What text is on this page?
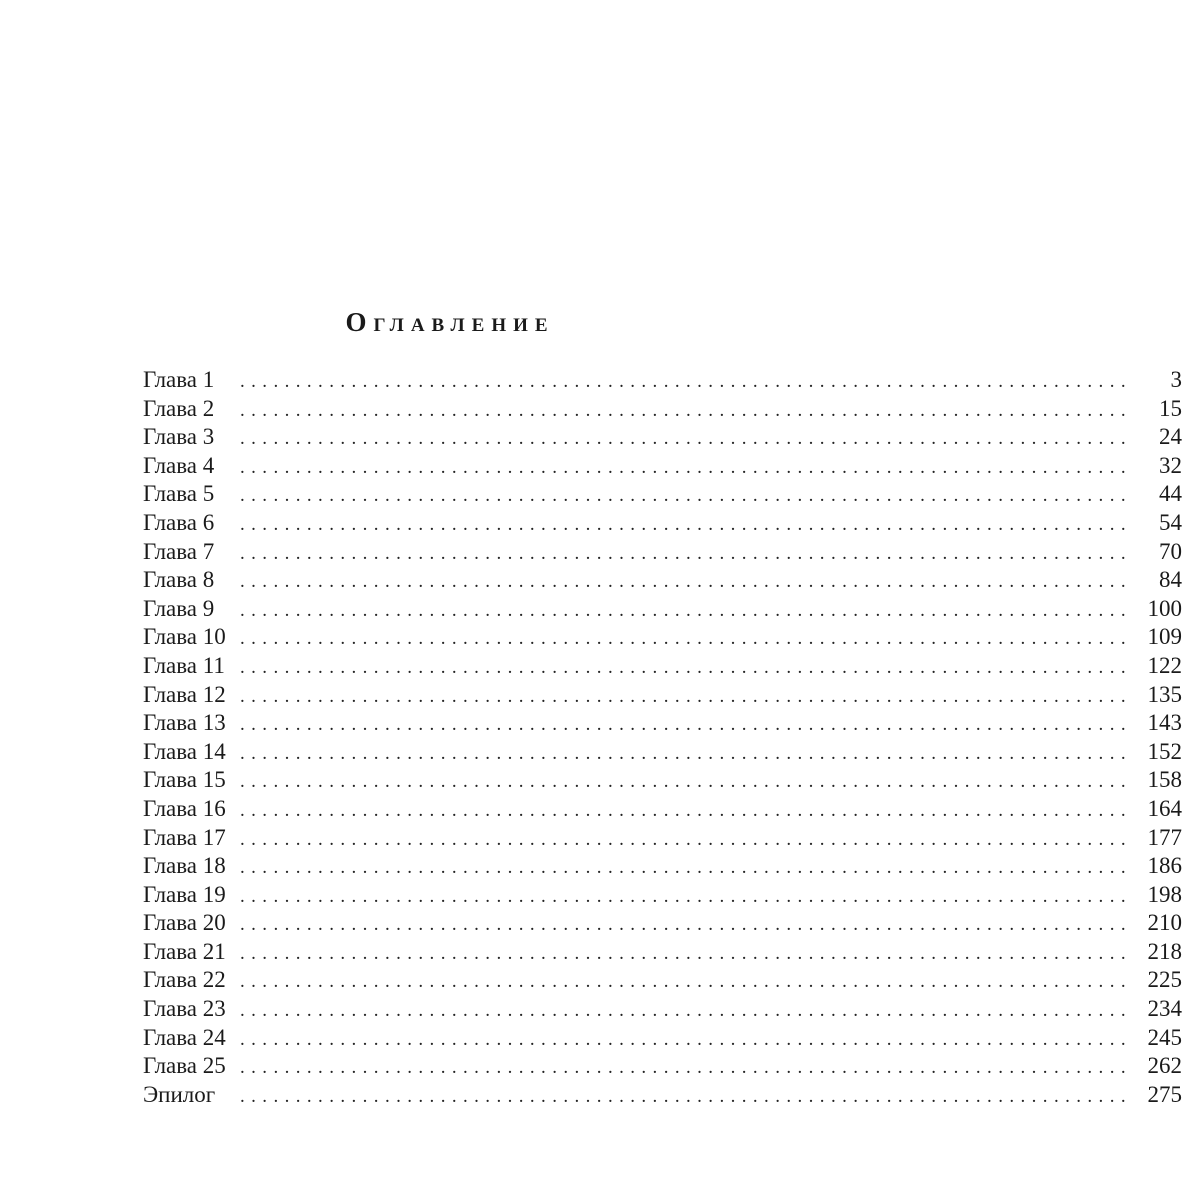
Оглавление
Глава 1	................................................................................	3
Глава 2	................................................................................	15
Глава 3	................................................................................	24
Глава 4	................................................................................	32
Глава 5	................................................................................	44
Глава 6	................................................................................	54
Глава 7	................................................................................	70
Глава 8	................................................................................	84
Глава 9	................................................................................ 100
Глава 10 ................................................................................ 109
Глава 11 ................................................................................ 122
Глава 12 ................................................................................ 135
Глава 13 ................................................................................ 143
Глава 14 ................................................................................ 152
Глава 15 ................................................................................ 158
Глава 16 ................................................................................ 164
Глава 17 ................................................................................ 177
Глава 18 ................................................................................ 186
Глава 19 ................................................................................ 198
Глава 20 ................................................................................ 210
Глава 21 ................................................................................ 218
Глава 22 ................................................................................ 225
Глава 23 ................................................................................ 234
Глава 24 ................................................................................ 245
Глава 25 ................................................................................ 262
Эпилог	................................................................................ 275
